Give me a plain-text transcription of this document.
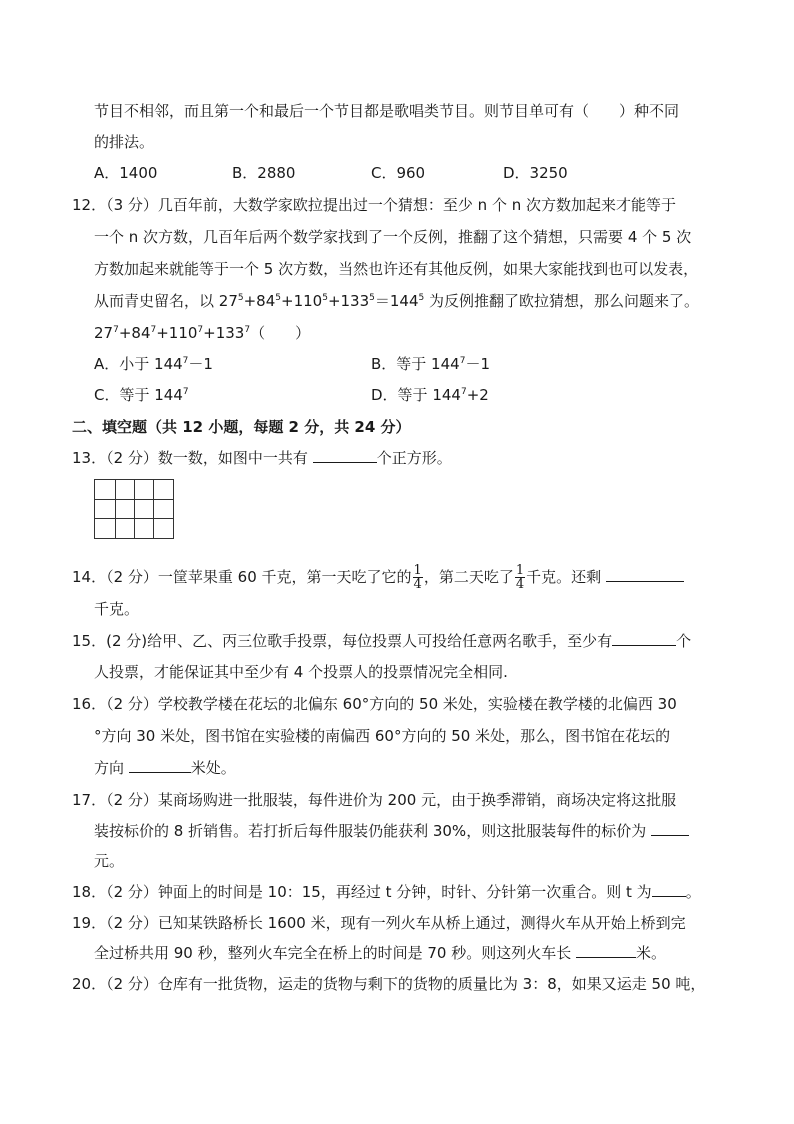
节目不相邻，而且第一个和最后一个节目都是歌唱类节目。则节目单可有（　　）种不同
的排法。
A．1400	B．2880	C．960	D．3250
12．（3 分）几百年前，大数学家欧拉提出过一个猜想：至少 n 个 n 次方数加起来才能等于
一个 n 次方数，几百年后两个数学家找到了一个反例，推翻了这个猜想，只需要 4 个 5 次
方数加起来就能等于一个 5 次方数，当然也许还有其他反例，如果大家能找到也可以发表，
从而青史留名，以 $27^5+84^5+110^5+133^5=144^5$ 为反例推翻了欧拉猜想，那么问题来了。
$27^7+84^7+110^7+133^7$（　　）
A．小于 $144^7-1$	B．等于 $144^7-1$
C．等于 $144^7$	D．等于 $144^7+2$
二、填空题（共 12 小题，每题 2 分，共 24 分）
13．（2 分）数一数，如图中一共有	个正方形。
14．（2 分）一筐苹果重 60 千克，第一天吃了它的 $\frac{1}{4}$ ，第二天吃了 $\frac{1}{4}$ 千克。还剩
千克。
15．(2 分)给甲、乙、丙三位歌手投票，每位投票人可投给任意两名歌手，至少有	个
人投票，才能保证其中至少有 4 个投票人的投票情况完全相同.
16．（2 分）学校教学楼在花坛的北偏东 60°方向的 50 米处，实验楼在教学楼的北偏西 30
°方向 30 米处，图书馆在实验楼的南偏西 60°方向的 50 米处，那么，图书馆在花坛的
方向	米处。
17．（2 分）某商场购进一批服装，每件进价为 200 元，由于换季滞销，商场决定将这批服
装按标价的 8 折销售。若打折后每件服装仍能获利 30%，则这批服装每件的标价为
元。
18．（2 分）钟面上的时间是 10：15，再经过 t 分钟，时针、分针第一次重合。则 t 为 。
19．（2 分）已知某铁路桥长 1600 米，现有一列火车从桥上通过，测得火车从开始上桥到完
全过桥共用 90 秒，整列火车完全在桥上的时间是 70 秒。则这列火车长	米。
20．（2 分）仓库有一批货物，运走的货物与剩下的货物的质量比为 3：8，如果又运走 50 吨，
